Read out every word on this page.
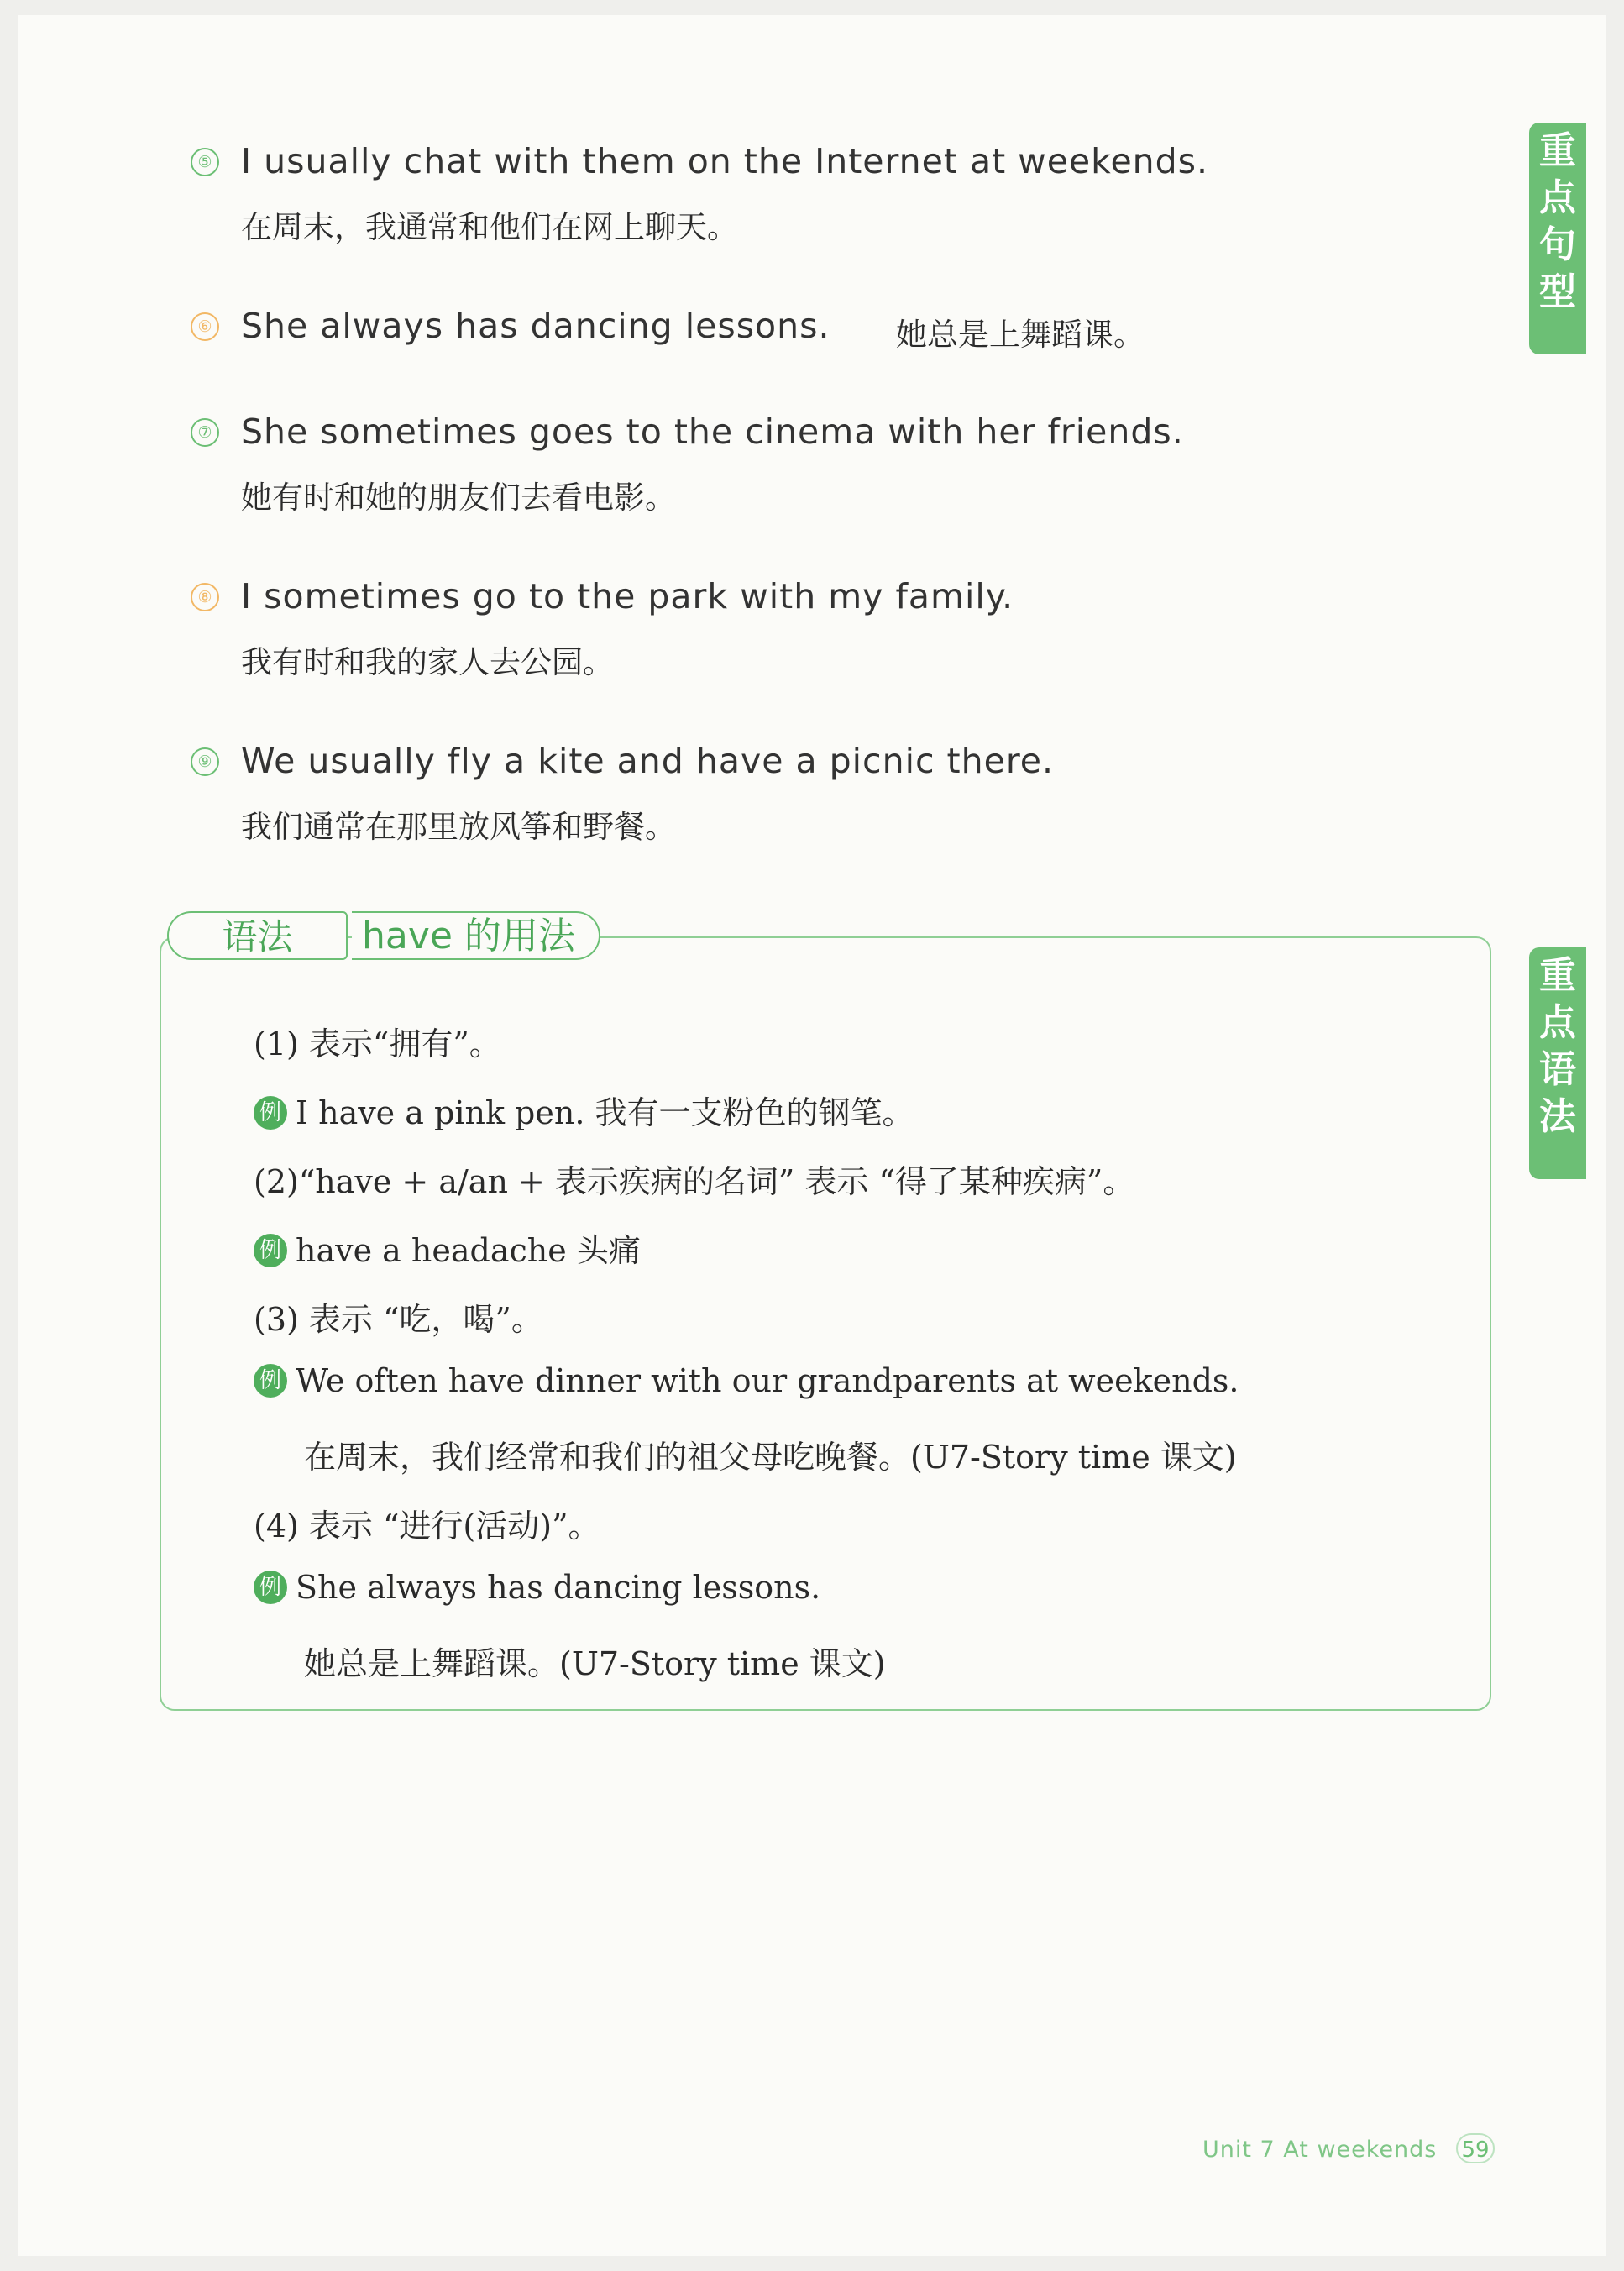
⑤ I usually chat with them on the Internet at weekends.
在周末，我通常和他们在网上聊天。
⑥ She always has dancing lessons. 她总是上舞蹈课。
⑦ She sometimes goes to the cinema with her friends.
她有时和她的朋友们去看电影。
⑧ I sometimes go to the park with my family.
我有时和我的家人去公园。
⑨ We usually fly a kite and have a picnic there.
我们通常在那里放风筝和野餐。
重
点
句
型
重
点
语
法
语法	have 的用法
(1) 表示“拥有”。
例 I have a pink pen. 我有一支粉色的钢笔。
(2)“have + a/an + 表示疾病的名词” 表示 “得了某种疾病”。
例 have a headache 头痛
(3) 表示 “吃，喝”。
例 We often have dinner with our grandparents at weekends.
在周末，我们经常和我们的祖父母吃晚餐。(U7-Story time 课文)
(4) 表示 “进行(活动)”。
例 She always has dancing lessons.
她总是上舞蹈课。(U7-Story time 课文)
Unit 7 At weekends 59
